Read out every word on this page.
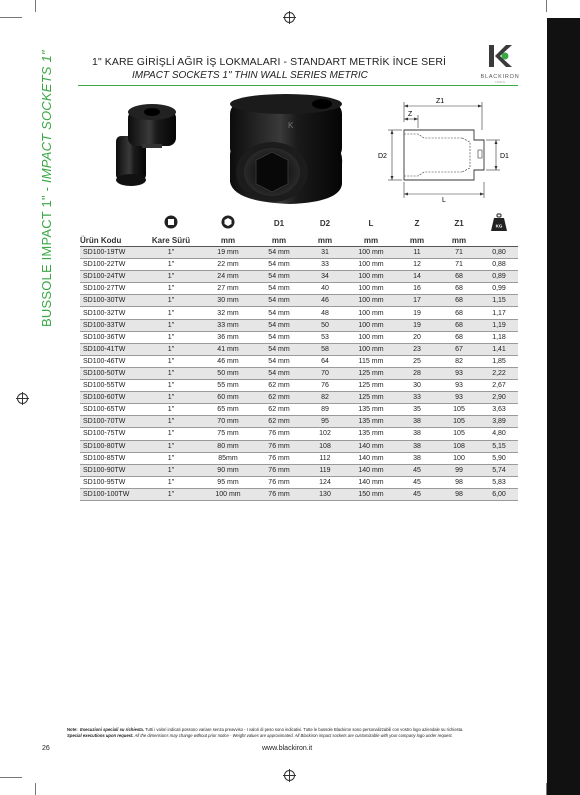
BUSSOLE IMPACT 1" - IMPACT SOCKETS 1"	1" KARE GİRİŞLİ AĞIR İŞ LOKMALARI - STANDART METRİK İNCE SERİ
IMPACT SOCKETS 1" THIN WALL SERIES METRIC	BLACKIRON
TOOLS
K
Z1
Z
D2	D1
L
			D1	D2	L	Z	Z1	KG

Ürün Kodu	Kare Sürü	mm	mm	mm	mm	mm	mm	
SD100-19TW	1"	19 mm	54 mm	31	100 mm	11	71	0,80
SD100-22TW	1"	22 mm	54 mm	33	100 mm	12	71	0,88
SD100-24TW	1"	24 mm	54 mm	34	100 mm	14	68	0,89
SD100-27TW	1"	27 mm	54 mm	40	100 mm	16	68	0,99
SD100-30TW	1"	30 mm	54 mm	46	100 mm	17	68	1,15
SD100-32TW	1"	32 mm	54 mm	48	100 mm	19	68	1,17
SD100-33TW	1"	33 mm	54 mm	50	100 mm	19	68	1,19
SD100-36TW	1"	36 mm	54 mm	53	100 mm	20	68	1,18
SD100-41TW	1"	41 mm	54 mm	58	100 mm	23	67	1,41
SD100-46TW	1"	46 mm	54 mm	64	115 mm	25	82	1,85
SD100-50TW	1"	50 mm	54 mm	70	125 mm	28	93	2,22
SD100-55TW	1"	55 mm	62 mm	76	125 mm	30	93	2,67
SD100-60TW	1"	60 mm	62 mm	82	125 mm	33	93	2,90
SD100-65TW	1"	65 mm	62 mm	89	135 mm	35	105	3,63
SD100-70TW	1"	70 mm	62 mm	95	135 mm	38	105	3,89
SD100-75TW	1"	75 mm	76 mm	102	135 mm	38	105	4,80
SD100-80TW	1"	80 mm	76 mm	108	140 mm	38	108	5,15
SD100-85TW	1"	85mm	76 mm	112	140 mm	38	100	5,90
SD100-90TW	1"	90 mm	76 mm	119	140 mm	45	99	5,74
SD100-95TW	1"	95 mm	76 mm	124	140 mm	45	98	5,83
SD100-100TW	1"	100 mm	76 mm	130	150 mm	45	98	6,00
Note: Esecuzioni speciali su richiesta. Tutti i valori indicati possono variare senza preavviso - I valori di peso sono indicativi. Tutte le bussole Blackiron sono personalizzabili con vostro logo aziendale su richiesta.
Special executions upon request. All the dimensions may change without prior notice - Weight values are approximated. All Blackiron impact sockets are customizable with your company logo under request.
26	www.blackiron.it
